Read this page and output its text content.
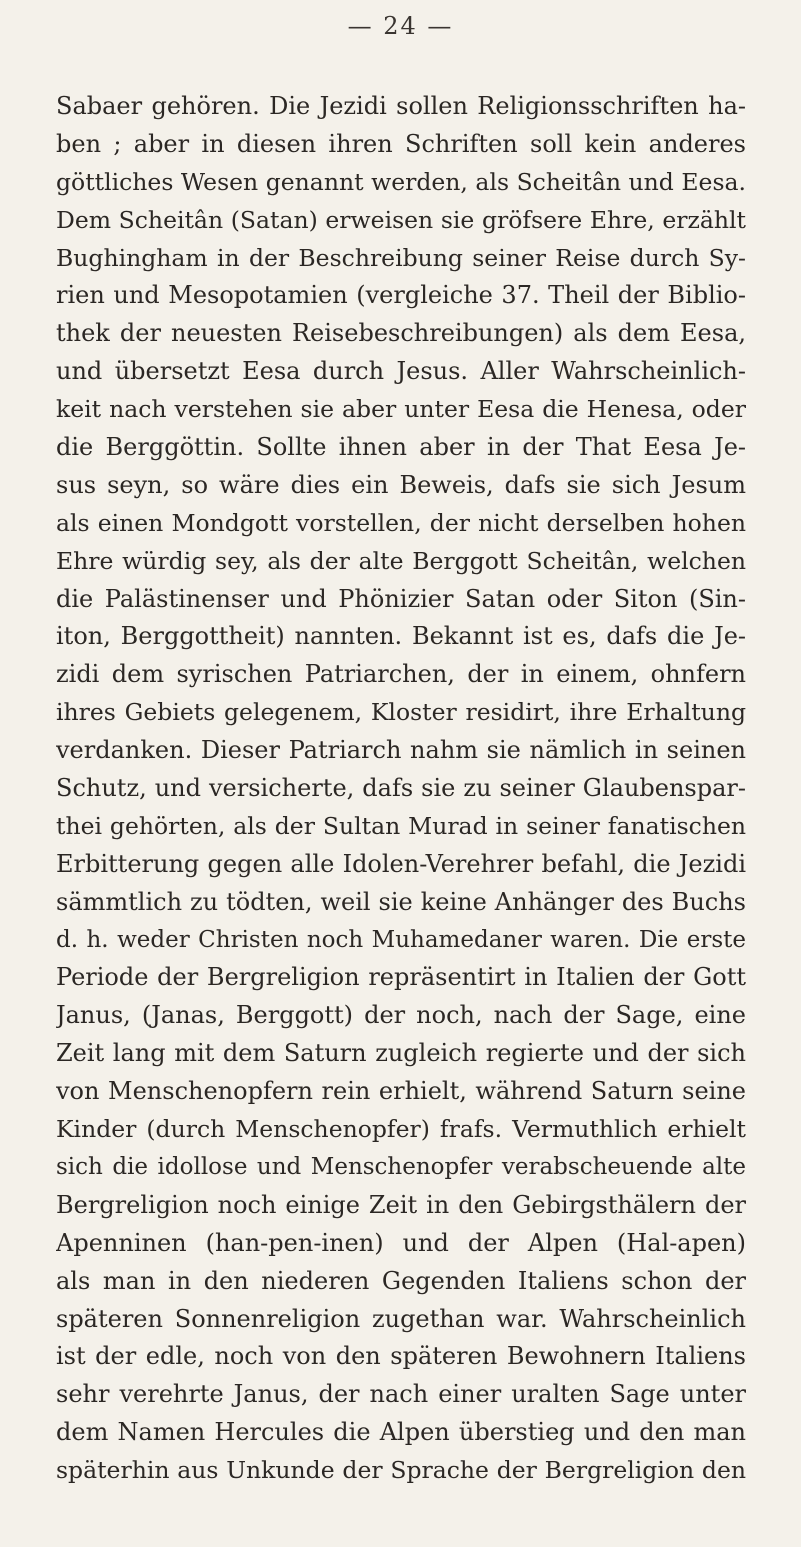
— 24 —
Sabaer gehören. Die Jezidi sollen Religionsschriften ha-
ben ; aber in diesen ihren Schriften soll kein anderes
göttliches Wesen genannt werden, als Scheitân und Eesa.
Dem Scheitân (Satan) erweisen sie gröfsere Ehre, erzählt
Bughingham in der Beschreibung seiner Reise durch Sy-
rien und Mesopotamien (vergleiche 37. Theil der Biblio-
thek der neuesten Reisebeschreibungen) als dem Eesa,
und übersetzt Eesa durch Jesus. Aller Wahrscheinlich-
keit nach verstehen sie aber unter Eesa die Henesa, oder
die Berggöttin. Sollte ihnen aber in der That Eesa Je-
sus seyn, so wäre dies ein Beweis, dafs sie sich Jesum
als einen Mondgott vorstellen, der nicht derselben hohen
Ehre würdig sey, als der alte Berggott Scheitân, welchen
die Palästinenser und Phönizier Satan oder Siton (Sin-
iton, Berggottheit) nannten. Bekannt ist es, dafs die Je-
zidi dem syrischen Patriarchen, der in einem, ohnfern
ihres Gebiets gelegenem, Kloster residirt, ihre Erhaltung
verdanken. Dieser Patriarch nahm sie nämlich in seinen
Schutz, und versicherte, dafs sie zu seiner Glaubenspar-
thei gehörten, als der Sultan Murad in seiner fanatischen
Erbitterung gegen alle Idolen-Verehrer befahl, die Jezidi
sämmtlich zu tödten, weil sie keine Anhänger des Buchs
d. h. weder Christen noch Muhamedaner waren. Die erste
Periode der Bergreligion repräsentirt in Italien der Gott
Janus, (Janas, Berggott) der noch, nach der Sage, eine
Zeit lang mit dem Saturn zugleich regierte und der sich
von Menschenopfern rein erhielt, während Saturn seine
Kinder (durch Menschenopfer) frafs. Vermuthlich erhielt
sich die idollose und Menschenopfer verabscheuende alte
Bergreligion noch einige Zeit in den Gebirgsthälern der
Apenninen (han-pen-inen) und der Alpen (Hal-apen)
als man in den niederen Gegenden Italiens schon der
späteren Sonnenreligion zugethan war. Wahrscheinlich
ist der edle, noch von den späteren Bewohnern Italiens
sehr verehrte Janus, der nach einer uralten Sage unter
dem Namen Hercules die Alpen überstieg und den man
späterhin aus Unkunde der Sprache der Bergreligion den
